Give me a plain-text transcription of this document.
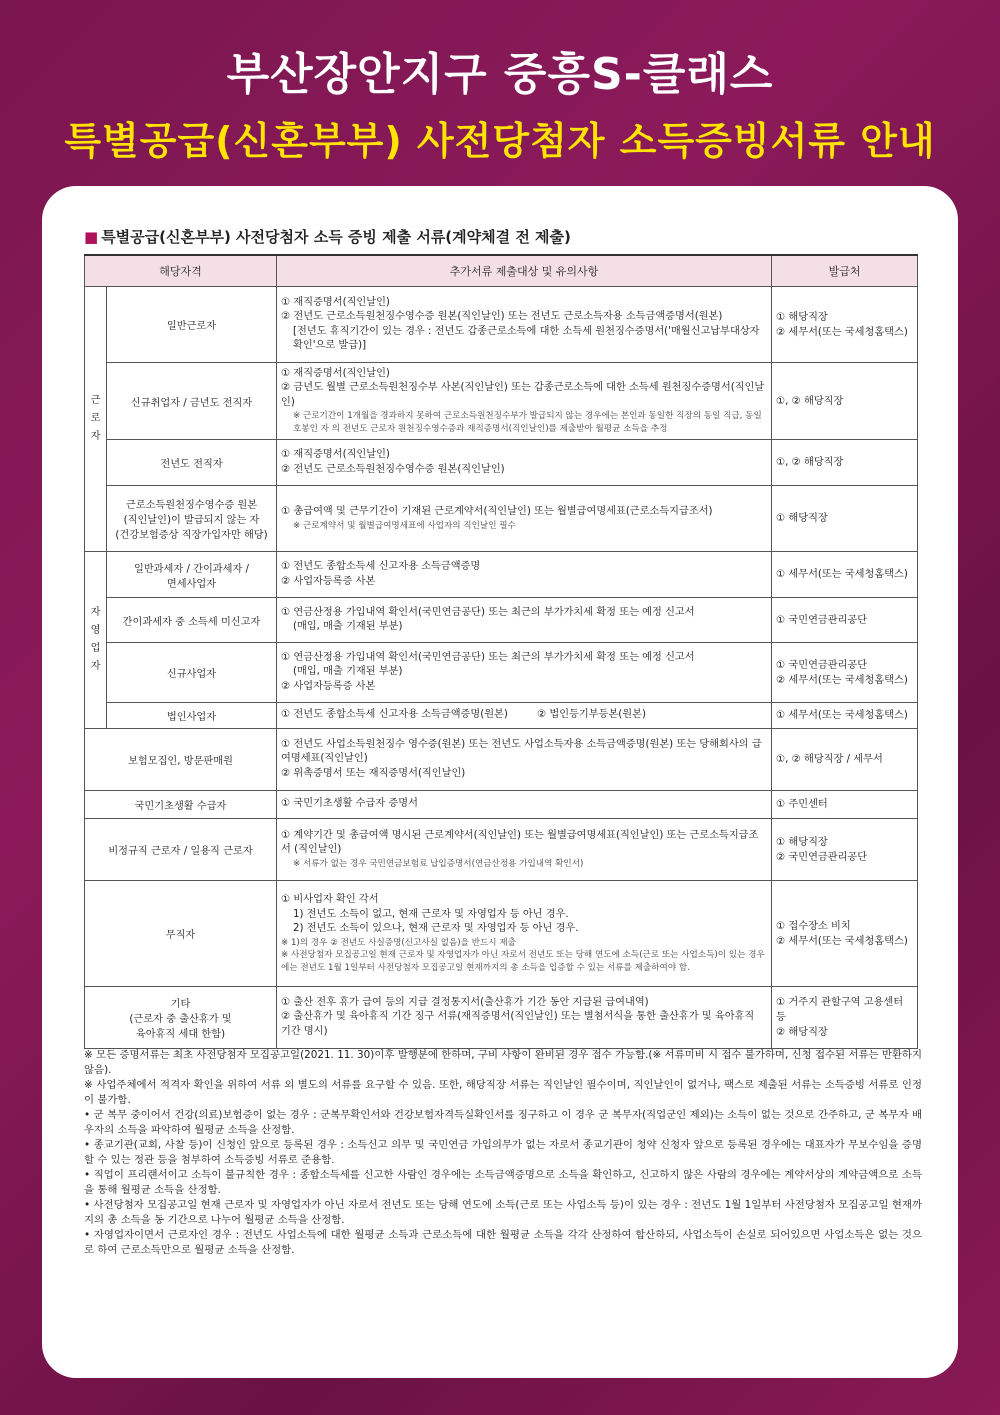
부산장안지구 중흥S-클래스
특별공급(신혼부부) 사전당첨자 소득증빙서류 안내
■ 특별공급(신혼부부) 사전당첨자 소득 증빙 제출 서류(계약체결 전 제출)
해당자격		추가서류 제출대상 및 유의사항	발급처

근
로
자	일반근로자	① 재직증명서(직인날인)
② 전년도 근로소득원천징수영수증 원본(직인날인) 또는 전년도 근로소득자용 소득금액증명서(원본)

[전년도 휴직기간이 있는 경우 : 전년도 갑종근로소득에 대한 소득세 원천징수증명서('매월신고납부대상자확인'으로 발급)]	① 해당직장
② 세무서(또는 국세청홈택스)
	신규취업자 / 금년도 전직자	① 재직증명서(직인날인)
② 금년도 월별 근로소득원천징수부 사본(직인날인) 또는 갑종근로소득에 대한 소득세 원천징수증명서(직인날인)
※ 근로기간이 1개월을 경과하지 못하여 근로소득원천징수부가 발급되지 않는 경우에는 본인과 동일한 직장의 동일 직급, 동일 호봉인 자 의 전년도 근로자 원천징수영수증과 재직증명서(직인날인)를 제출받아 월평균 소득을 추정	①, ② 해당직장
	전년도 전직자	① 재직증명서(직인날인)
② 전년도 근로소득원천징수영수증 원본(직인날인)	①, ② 해당직장
	근로소득원천징수영수증 원본
(직인날인)이 발급되지 않는 자
(건강보험증상 직장가입자만 해당)	① 총급여액 및 근무기간이 기재된 근로계약서(직인날인) 또는 월별급여명세표(근로소득지급조서)
※ 근로계약서 및 월별급여명세표에 사업자의 직인날인 필수	① 해당직장

자
영
업
자	일반과세자 / 간이과세자 /
면세사업자	① 전년도 종합소득세 신고자용 소득금액증명
② 사업자등록증 사본	① 세무서(또는 국세청홈택스)
	간이과세자 중 소득세 미신고자	① 연금산정용 가입내역 확인서(국민연금공단) 또는 최근의 부가가치세 확정 또는 예정 신고서

(매입, 매출 기재된 부분)	① 국민연금관리공단
	신규사업자	① 연금산정용 가입내역 확인서(국민연금공단) 또는 최근의 부가가치세 확정 또는 예정 신고서

(매입, 매출 기재된 부분)
② 사업자등록증 사본	① 국민연금관리공단
② 세무서(또는 국세청홈택스)
	법인사업자	① 전년도 종합소득세 신고자용 소득금액증명(원본) ② 법인등기부등본(원본)	① 세무서(또는 국세청홈택스)
보험모집인, 방문판매원		① 전년도 사업소득원천징수 영수증(원본) 또는 전년도 사업소득자용 소득금액증명(원본) 또는 당해회사의 급여명세표(직인날인)
② 위촉증명서 또는 재직증명서(직인날인)	①, ② 해당직장 / 세무서
국민기초생활 수급자		① 국민기초생활 수급자 증명서	① 주민센터
비정규직 근로자 / 일용직 근로자		① 계약기간 및 총급여액 명시된 근로계약서(직인날인) 또는 월별급여명세표(직인날인) 또는 근로소득지급조서 (직인날인)
※ 서류가 없는 경우 국민연금보험료 납입증명서(연금산정용 가입내역 확인서)	① 해당직장
② 국민연금관리공단
무직자		① 비사업자 확인 각서

1) 전년도 소득이 없고, 현재 근로자 및 자영업자 등 아닌 경우.
2) 전년도 소득이 있으나, 현재 근로자 및 자영업자 등 아닌 경우.
※ 1)의 경우 ② 전년도 사실증명(신고사실 없음)을 반드시 제출
※ 사전당첨자 모집공고일 현재 근로자 및 자영업자가 아닌 자로서 전년도 또는 당해 연도에 소득(근로 또는 사업소득)이 있는 경우에는 전년도 1월 1일부터 사전당첨자 모집공고일 현재까지의 총 소득을 입증할 수 있는 서류를 제출하여야 함.	① 접수장소 비치
② 세무서(또는 국세청홈택스)
기타
(근로자 중 출산휴가 및
육아휴직 세대 한함)		① 출산 전후 휴가 급여 등의 지급 결정통지서(출산휴가 기간 동안 지급된 급여내역)
② 출산휴가 및 육아휴직 기간 징구 서류(재직증명서(직인날인) 또는 별첨서식을 통한 출산휴가 및 육아휴직 기간 명시)	① 거주지 관할구역 고용센터 등
② 해당직장
※ 모든 증명서류는 최초 사전당첨자 모집공고일(2021. 11. 30)이후 발행분에 한하며, 구비 사항이 완비된 경우 접수 가능함.(※ 서류미비 시 접수 불가하며, 신청 접수된 서류는 반환하지 않음).
※ 사업주체에서 적격자 확인을 위하여 서류 외 별도의 서류를 요구할 수 있음. 또한, 해당직장 서류는 직인날인 필수이며, 직인날인이 없거나, 팩스로 제출된 서류는 소득증빙 서류로 인정이 불가함.
• 군 복무 중이어서 건강(의료)보험증이 없는 경우 : 군복무확인서와 건강보험자격득실확인서를 징구하고 이 경우 군 복무자(직업군인 제외)는 소득이 없는 것으로 간주하고, 군 복무자 배우자의 소득을 파악하여 월평균 소득을 산정함.
• 종교기관(교회, 사찰 등)이 신청인 앞으로 등록된 경우 : 소득신고 의무 및 국민연금 가입의무가 없는 자로서 종교기관이 청약 신청자 앞으로 등록된 경우에는 대표자가 무보수임을 증명할 수 있는 정관 등을 첨부하여 소득증빙 서류로 준용함.
• 직업이 프리랜서이고 소득이 불규칙한 경우 : 종합소득세를 신고한 사람인 경우에는 소득금액증명으로 소득을 확인하고, 신고하지 않은 사람의 경우에는 계약서상의 계약금액으로 소득을 통해 월평균 소득을 산정함.
• 사전당첨자 모집공고일 현재 근로자 및 자영업자가 아닌 자로서 전년도 또는 당해 연도에 소득(근로 또는 사업소득 등)이 있는 경우 : 전년도 1월 1일부터 사전당첨자 모집공고일 현재까지의 총 소득을 동 기간으로 나누어 월평균 소득을 산정함.
• 자영업자이면서 근로자인 경우 : 전년도 사업소득에 대한 월평균 소득과 근로소득에 대한 월평균 소득을 각각 산정하여 합산하되, 사업소득이 손실로 되어있으면 사업소득은 없는 것으로 하여 근로소득만으로 월평균 소득을 산정함.
